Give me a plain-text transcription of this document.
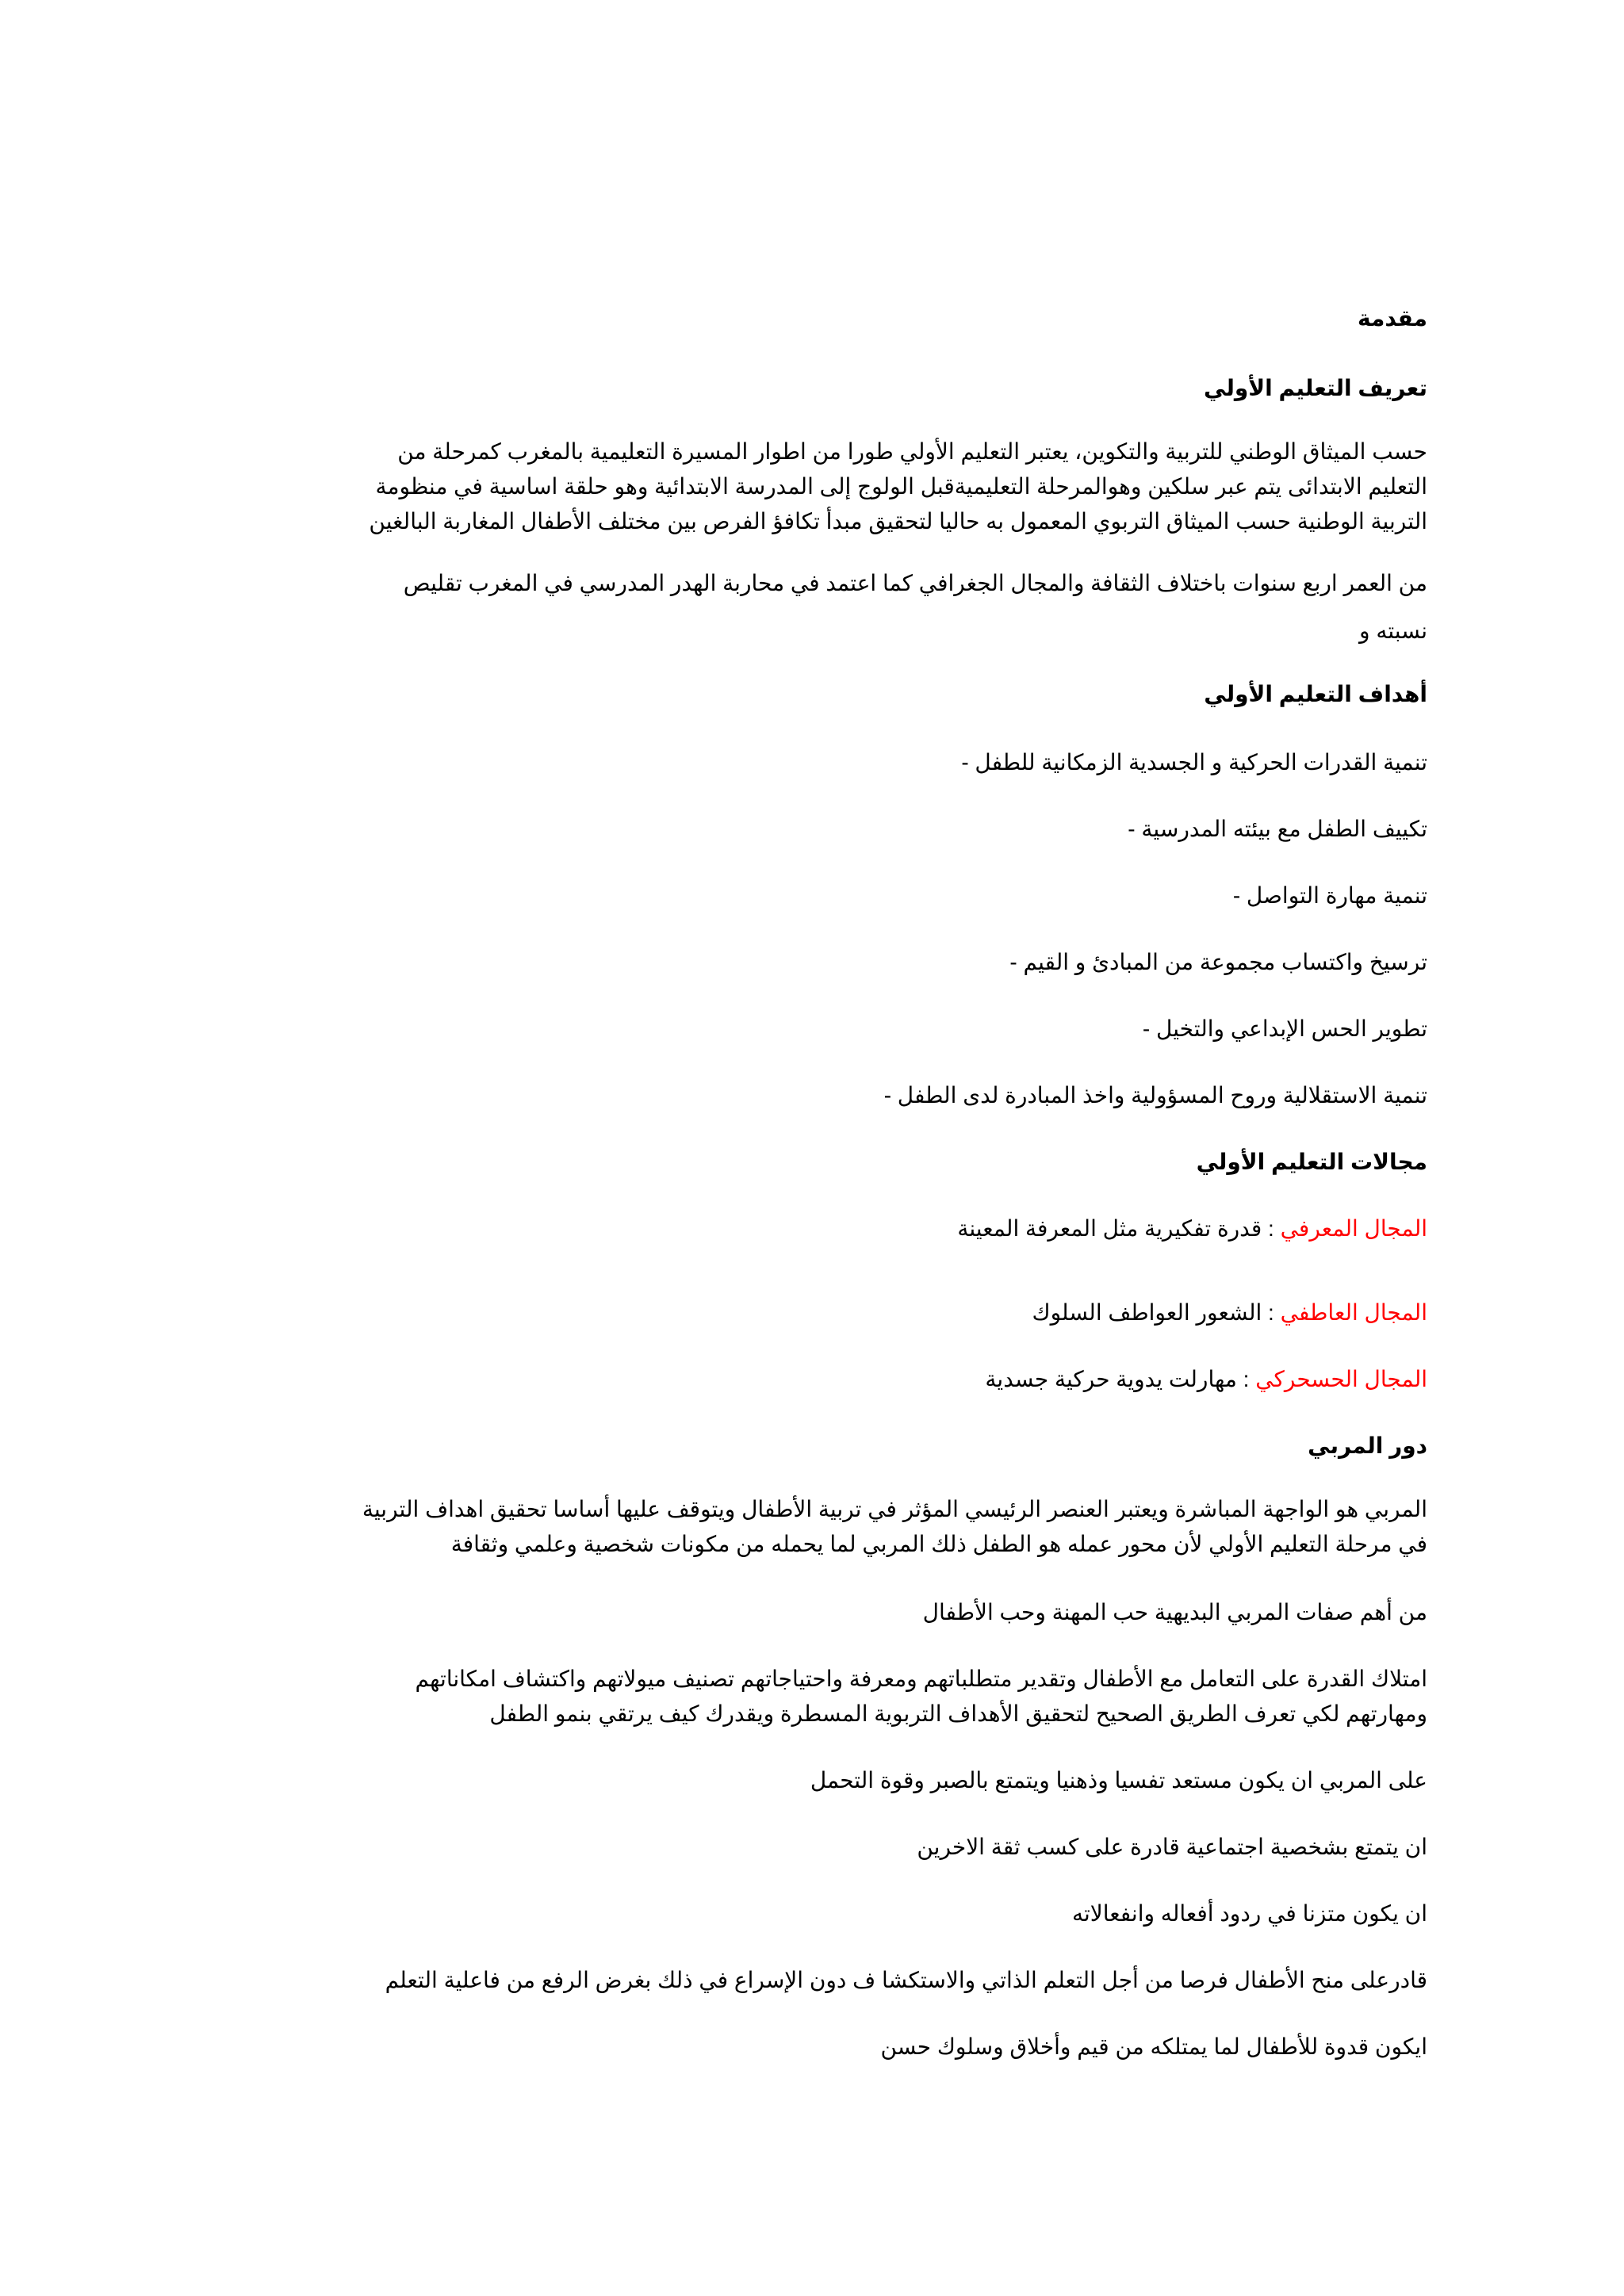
مقدمة
تعريف التعليم الأولي
حسب الميثاق الوطني للتربية والتكوين، يعتبر التعليم الأولي طورا من اطوار المسيرة التعليمية بالمغرب كمرحلة من
التعليم الابتدائى يتم عبر سلكين وهوالمرحلة التعليميةقبل الولوج إلى المدرسة الابتدائية وهو حلقة اساسية في منظومة
التربية الوطنية حسب الميثاق التربوي المعمول به حاليا لتحقيق مبدأ تكافؤ الفرص بين مختلف الأطفال المغاربة البالغين
من العمر اربع سنوات باختلاف الثقافة والمجال الجغرافي كما اعتمد في محاربة الهدر المدرسي في المغرب تقليص
نسبته و
أهداف التعليم الأولي
تنمية القدرات الحركية و الجسدية الزمكانية للطفل -
تكييف الطفل مع بيئته المدرسية -
تنمية مهارة التواصل -
ترسيخ واكتساب مجموعة من المبادئ و القيم -
تطوير الحس الإبداعي والتخيل -
تنمية الاستقلالية وروح المسؤولية واخذ المبادرة لدى الطفل -
مجالات التعليم الأولي
المجال المعرفي : قدرة تفكيرية مثل المعرفة المعينة
المجال العاطفي : الشعور العواطف السلوك
المجال الحسحركي : مهارلت يدوية حركية جسدية
دور المربي
المربي هو الواجهة المباشرة ويعتبر العنصر الرئيسي المؤثر في تربية الأطفال ويتوقف عليها أساسا تحقيق اهداف التربية
في مرحلة التعليم الأولي لأن محور عمله هو الطفل ذلك المربي لما يحمله من مكونات شخصية وعلمي وثقافة
من أهم صفات المربي البديهية حب المهنة وحب الأطفال
امتلاك القدرة على التعامل مع الأطفال وتقدير متطلباتهم ومعرفة واحتياجاتهم تصنيف ميولاتهم واكتشاف امكاناتهم
ومهارتهم لكي تعرف الطريق الصحيح لتحقيق الأهداف التربوية المسطرة ويقدرك كيف يرتقي بنمو الطفل
على المربي ان يكون مستعد تفسيا وذهنيا ويتمتع بالصبر وقوة التحمل
ان يتمتع بشخصية اجتماعية قادرة على كسب ثقة الاخرين
ان يكون متزنا في ردود أفعاله وانفعالاته
قادرعلى منح الأطفال فرصا من أجل التعلم الذاتي والاستكشا ف دون الإسراع في ذلك بغرض الرفع من فاعلية التعلم
ايكون قدوة للأطفال لما يمتلكه من قيم وأخلاق وسلوك حسن
